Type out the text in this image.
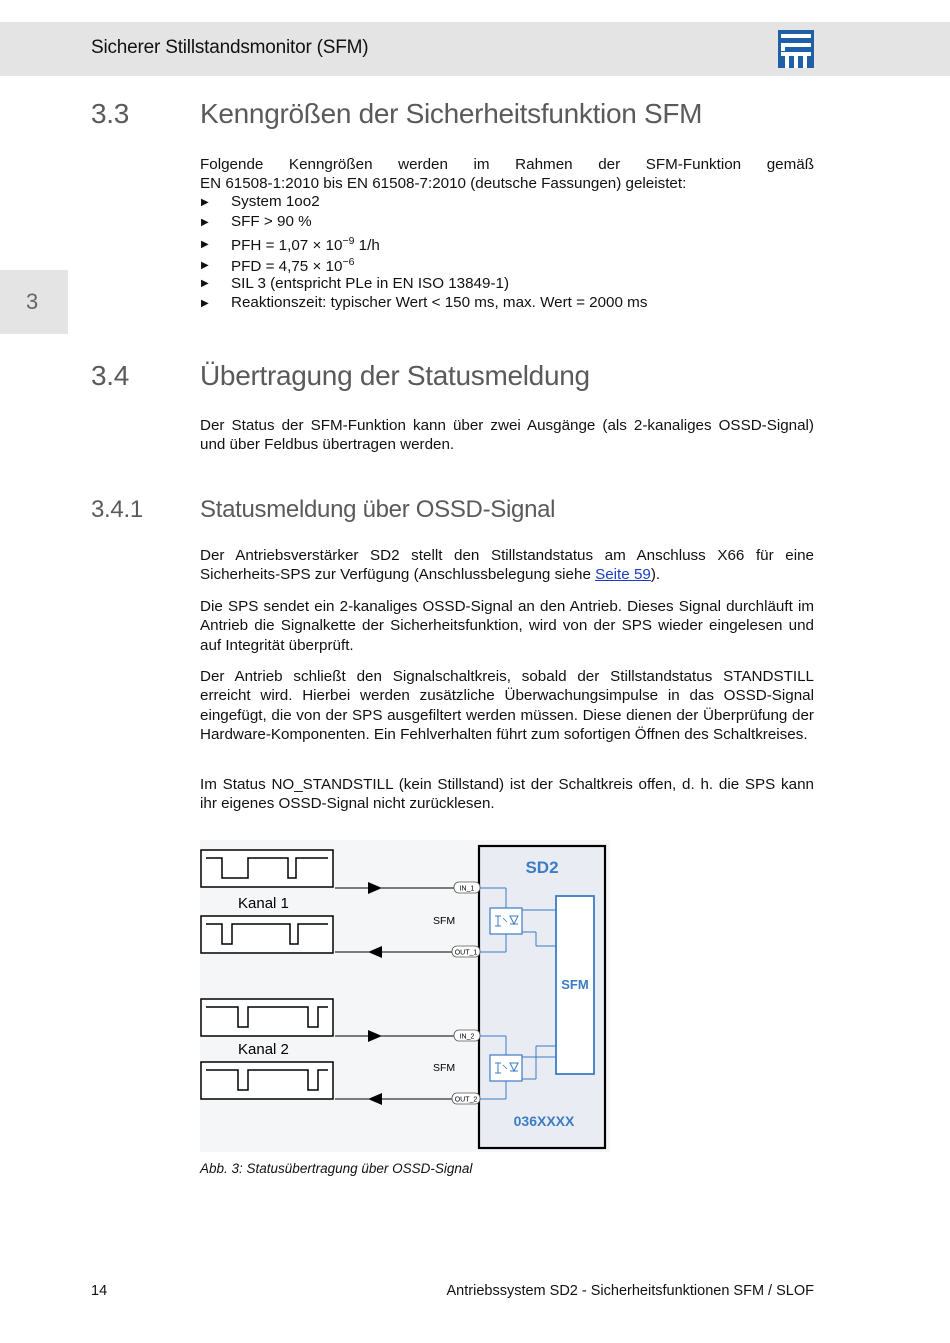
Sicherer Stillstandsmonitor (SFM)
3
3.3	Kenngrößen der Sicherheitsfunktion SFM
Folgende Kenngrößen werden im Rahmen der SFM-Funktion gemäß
EN 61508-1:2010 bis EN 61508-7:2010 (deutsche Fassungen) geleistet:
▶ System 1oo2
▶ SFF > 90 %
▶ PFH = $1,07 \times 10^{-9}$ 1/h
▶ PFD = $4,75 \times 10^{-6}$
▶ SIL 3 (entspricht PLe in EN ISO 13849-1)
▶ Reaktionszeit: typischer Wert < 150 ms, max. Wert = 2000 ms
3.4	Übertragung der Statusmeldung
Der Status der SFM-Funktion kann über zwei Ausgänge (als 2-kanaliges OSSD-Signal) und über Feldbus übertragen werden.
3.4.1 Statusmeldung über OSSD-Signal
Der Antriebsverstärker SD2 stellt den Stillstandstatus am Anschluss X66 für eine Sicherheits-SPS zur Verfügung (Anschlussbelegung siehe Seite 59).
Die SPS sendet ein 2-kanaliges OSSD-Signal an den Antrieb. Dieses Signal durchläuft im Antrieb die Signalkette der Sicherheitsfunktion, wird von der SPS wieder eingelesen und auf Integrität überprüft.
Der Antrieb schließt den Signalschaltkreis, sobald der Stillstandstatus STANDSTILL erreicht wird. Hierbei werden zusätzliche Überwachungsimpulse in das OSSD-Signal eingefügt, die von der SPS ausgefiltert werden müssen. Diese dienen der Überprüfung der Hardware-Komponenten. Ein Fehlverhalten führt zum sofortigen Öffnen des Schaltkreises.
Im Status NO_STANDSTILL (kein Stillstand) ist der Schaltkreis offen, d. h. die SPS kann ihr eigenes OSSD-Signal nicht zurücklesen.
Kanal 1
Kanal 2
SFM
SFM
SD2
IN_1
OUT_1
IN_2
OUT_2
SFM
036XXXX
Abb. 3: Statusübertragung über OSSD-Signal
14	Antriebssystem SD2 - Sicherheitsfunktionen SFM / SLOF
